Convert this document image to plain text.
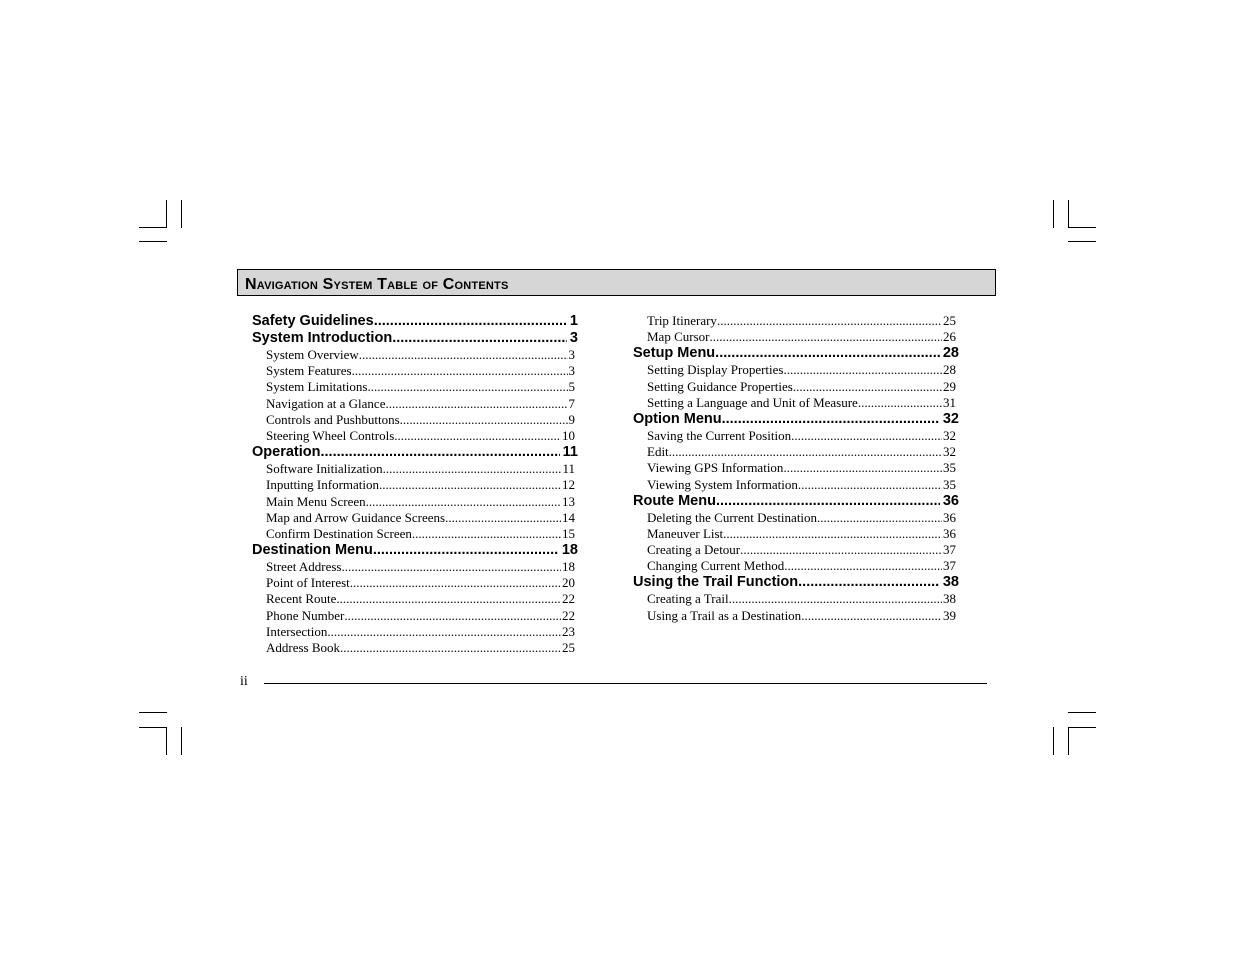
Navigation System Table of Contents
Safety Guidelines .....	1
System Introduction .....	3
System Overview .....	3
System Features .....	3
System Limitations .....	5
Navigation at a Glance .....	7
Controls and Pushbuttons .....	9
Steering Wheel Controls .....	10
Operation .....	11
Software Initialization .....	11
Inputting Information .....	12
Main Menu Screen .....	13
Map and Arrow Guidance Screens .....	14
Confirm Destination Screen .....	15
Destination Menu .....	18
Street Address .....	18
Point of Interest .....	20
Recent Route .....	22
Phone Number .....	22
Intersection .....	23
Address Book .....	25
Trip Itinerary .....	25
Map Cursor .....	26
Setup Menu .....	28
Setting Display Properties .....	28
Setting Guidance Properties .....	29
Setting a Language and Unit of Measure .....	31
Option Menu .....	32
Saving the Current Position .....	32
Edit .....	32
Viewing GPS Information .....	35
Viewing System Information .....	35
Route Menu .....	36
Deleting the Current Destination .....	36
Maneuver List .....	36
Creating a Detour .....	37
Changing Current Method .....	37
Using the Trail Function .....	38
Creating a Trail .....	38
Using a Trail as a Destination .....	39
ii
